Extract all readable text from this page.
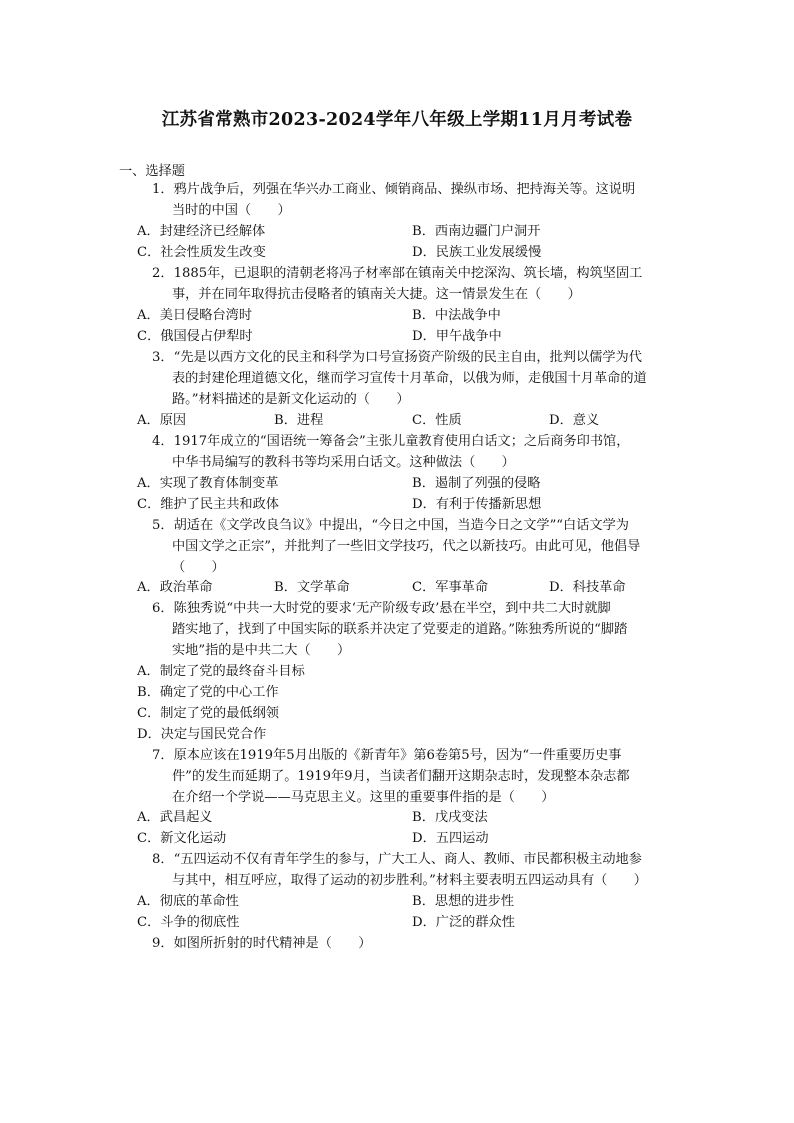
江苏省常熟市2023-2024学年八年级上学期11月月考试卷
一、选择题
1．鸦片战争后，列强在华兴办工商业、倾销商品、操纵市场、把持海关等。这说明
当时的中国（　　）
A．封建经济已经解体	B．西南边疆门户洞开
C．社会性质发生改变	D．民族工业发展缓慢
2．1885年，已退职的清朝老将冯子材率部在镇南关中挖深沟、筑长墙，构筑坚固工
事，并在同年取得抗击侵略者的镇南关大捷。这一情景发生在（　　）
A．美日侵略台湾时	B．中法战争中
C．俄国侵占伊犁时	D．甲午战争中
3．“先是以西方文化的民主和科学为口号宣扬资产阶级的民主自由，批判以儒学为代
表的封建伦理道德文化，继而学习宣传十月革命，以俄为师，走俄国十月革命的道
路。”材料描述的是新文化运动的（　　）
A．原因	B．进程	C．性质	D．意义
4．1917年成立的“国语统一筹备会”主张儿童教育使用白话文；之后商务印书馆，
中华书局编写的教科书等均采用白话文。这种做法（　　）
A．实现了教育体制变革	B．遏制了列强的侵略
C．维护了民主共和政体	D．有利于传播新思想
5．胡适在《文学改良刍议》中提出，“今日之中国，当造今日之文学”“白话文学为
中国文学之正宗”，并批判了一些旧文学技巧，代之以新技巧。由此可见，他倡导
（　　）
A．政治革命	B．文学革命	C．军事革命	D．科技革命
6．陈独秀说“中共一大时党的要求‘无产阶级专政’悬在半空，到中共二大时就脚
踏实地了，找到了中国实际的联系并决定了党要走的道路。”陈独秀所说的“脚踏
实地”指的是中共二大（　　）
A．制定了党的最终奋斗目标
B．确定了党的中心工作
C．制定了党的最低纲领
D．决定与国民党合作
7．原本应该在1919年5月出版的《新青年》第6卷第5号，因为“一件重要历史事
件”的发生而延期了。1919年9月，当读者们翻开这期杂志时，发现整本杂志都
在介绍一个学说——马克思主义。这里的重要事件指的是（　　）
A．武昌起义	B．戊戌变法
C．新文化运动	D．五四运动
8．“五四运动不仅有青年学生的参与，广大工人、商人、教师、市民都积极主动地参
与其中，相互呼应，取得了运动的初步胜利。”材料主要表明五四运动具有（　　）
A．彻底的革命性	B．思想的进步性
C．斗争的彻底性	D．广泛的群众性
9．如图所折射的时代精神是（　　）
